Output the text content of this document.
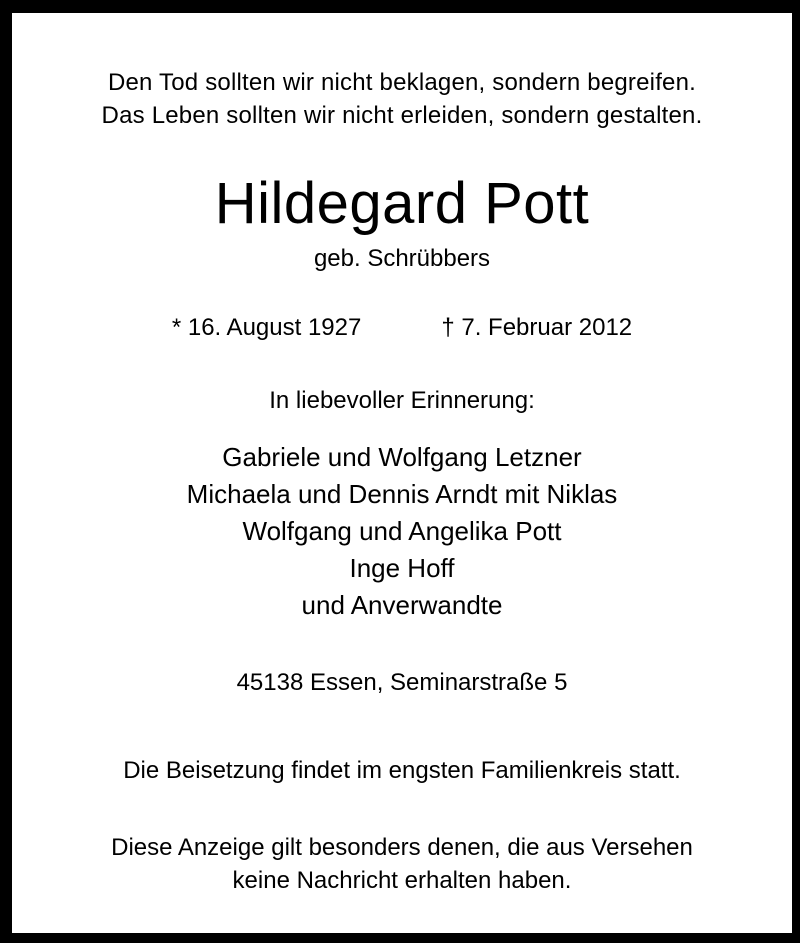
Den Tod sollten wir nicht beklagen, sondern begreifen.
Das Leben sollten wir nicht erleiden, sondern gestalten.
Hildegard Pott
geb. Schrübbers
* 16. August 1927	† 7. Februar 2012
In liebevoller Erinnerung:
Gabriele und Wolfgang Letzner
Michaela und Dennis Arndt mit Niklas
Wolfgang und Angelika Pott
Inge Hoff
und Anverwandte
45138 Essen, Seminarstraße 5
Die Beisetzung findet im engsten Familienkreis statt.
Diese Anzeige gilt besonders denen, die aus Versehen
keine Nachricht erhalten haben.
